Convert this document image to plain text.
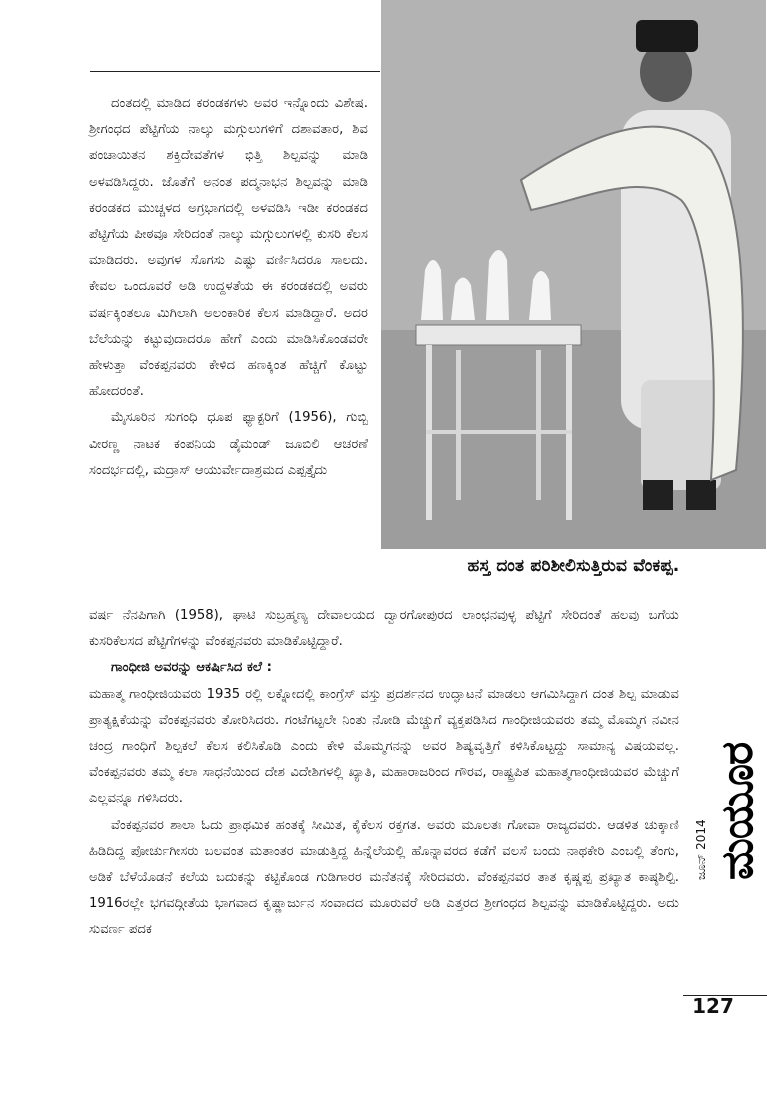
ಹಸ್ತ ದಂತ ಪರಿಶೀಲಿಸುತ್ತಿರುವ ವೆಂಕಪ್ಪ.

ದಂತದಲ್ಲಿ ಮಾಡಿದ ಕರಂಡಕಗಳು ಅವರ ಇನ್ನೊಂದು ವಿಶೇಷ. ಶ್ರೀಗಂಧದ ಪೆಟ್ಟಿಗೆಯ ನಾಲ್ಕು ಮಗ್ಗುಲುಗಳಿಗೆ ದಶಾವತಾರ, ಶಿವ ಪಂಚಾಯಿತನ ಶಕ್ತಿದೇವತೆಗಳ ಭಿತ್ತಿ ಶಿಲ್ಪವನ್ನು ಮಾಡಿ ಅಳವಡಿಸಿದ್ದರು. ಜೊತೆಗೆ ಅನಂತ ಪದ್ಮನಾಭನ ಶಿಲ್ಪವನ್ನು ಮಾಡಿ ಕರಂಡಕದ ಮುಚ್ಚಳದ ಅಗ್ರಭಾಗದಲ್ಲಿ ಅಳವಡಿಸಿ ಇಡೀ ಕರಂಡಕದ ಪೆಟ್ಟಿಗೆಯ ಪೀಠವೂ ಸೇರಿದಂತೆ ನಾಲ್ಕು ಮಗ್ಗುಲುಗಳಲ್ಲಿ ಕುಸರಿ ಕೆಲಸ ಮಾಡಿದರು. ಅವುಗಳ ಸೊಗಸು ಎಷ್ಟು ವರ್ಣಿಸಿದರೂ ಸಾಲದು. ಕೇವಲ ಒಂದೂವರೆ ಅಡಿ ಉದ್ದಳತೆಯ ಈ ಕರಂಡಕದಲ್ಲಿ ಅವರು ವರ್ಷಕ್ಕಿಂತಲೂ ಮಿಗಿಲಾಗಿ ಅಲಂಕಾರಿಕ ಕೆಲಸ ಮಾಡಿದ್ದಾರೆ. ಅದರ ಬೆಲೆಯನ್ನು ಕಟ್ಟುವುದಾದರೂ ಹೇಗೆ ಎಂದು ಮಾಡಿಸಿಕೊಂಡವರೇ ಹೇಳುತ್ತಾ ವೆಂಕಪ್ಪನವರು ಕೇಳಿದ ಹಣಕ್ಕಿಂತ ಹೆಚ್ಚಿಗೆ ಕೊಟ್ಟು ಹೋದರಂತೆ.

ಮೈಸೂರಿನ ಸುಗಂಧಿ ಧೂಪ ಫ್ಯಾಕ್ಟರಿಗೆ (1956), ಗುಬ್ಬಿ ವೀರಣ್ಣ ನಾಟಕ ಕಂಪನಿಯ ಡೈಮಂಡ್ ಜೂಬಿಲಿ ಆಚರಣೆ ಸಂದರ್ಭದಲ್ಲಿ, ಮದ್ರಾಸ್ ಆಯುರ್ವೇದಾಶ್ರಮದ ಎಪ್ಪತ್ತೈದು

ವರ್ಷ ನೆನಪಿಗಾಗಿ (1958), ಘಾಟಿ ಸುಬ್ರಹ್ಮಣ್ಯ ದೇವಾಲಯದ ದ್ವಾರಗೋಪುರದ ಲಾಂಛನವುಳ್ಳ ಪೆಟ್ಟಿಗೆ ಸೇರಿದಂತೆ ಹಲವು ಬಗೆಯ ಕುಸರಿಕೆಲಸದ ಪೆಟ್ಟಿಗೆಗಳನ್ನು ವೆಂಕಪ್ಪನವರು ಮಾಡಿಕೊಟ್ಟಿದ್ದಾರೆ.

ಗಾಂಧೀಜಿ ಅವರನ್ನು ಆಕರ್ಷಿಸಿದ ಕಲೆ :

ಮಹಾತ್ಮ ಗಾಂಧೀಜಿಯವರು 1935 ರಲ್ಲಿ ಲಕ್ನೋದಲ್ಲಿ ಕಾಂಗ್ರೆಸ್ ವಸ್ತು ಪ್ರದರ್ಶನದ ಉದ್ಘಾಟನೆ ಮಾಡಲು ಆಗಮಿಸಿದ್ದಾಗ ದಂತ ಶಿಲ್ಪ ಮಾಡುವ ಪ್ರಾತ್ಯಕ್ಷಿಕೆಯನ್ನು ವೆಂಕಪ್ಪನವರು ತೋರಿಸಿದರು. ಗಂಟೆಗಟ್ಟಲೇ ನಿಂತು ನೋಡಿ ಮೆಚ್ಚುಗೆ ವ್ಯಕ್ತಪಡಿಸಿದ ಗಾಂಧೀಜಿಯವರು ತಮ್ಮ ಮೊಮ್ಮಗ ನವೀನ ಚಂದ್ರ ಗಾಂಧಿಗೆ ಶಿಲ್ಪಕಲೆ ಕೆಲಸ ಕಲಿಸಿಕೊಡಿ ಎಂದು ಕೇಳಿ ಮೊಮ್ಮಗನನ್ನು ಅವರ ಶಿಷ್ಯವೃತ್ತಿಗೆ ಕಳಿಸಿಕೊಟ್ಟದ್ದು ಸಾಮಾನ್ಯ ವಿಷಯವಲ್ಲ. ವೆಂಕಪ್ಪನವರು ತಮ್ಮ ಕಲಾ ಸಾಧನೆಯಿಂದ ದೇಶ ವಿದೇಶಿಗಳಲ್ಲಿ ಖ್ಯಾತಿ, ಮಹಾರಾಜರಿಂದ ಗೌರವ, ರಾಷ್ಟ್ರಪಿತ ಮಹಾತ್ಮಗಾಂಧೀಜಿಯವರ ಮೆಚ್ಚುಗೆ ಎಲ್ಲವನ್ನೂ ಗಳಿಸಿದರು.

ವೆಂಕಪ್ಪನವರ ಶಾಲಾ ಓದು ಪ್ರಾಥಮಿಕ ಹಂತಕ್ಕೆ ಸೀಮಿತ, ಕೈಕೆಲಸ ರಕ್ತಗತ. ಅವರು ಮೂಲತಃ ಗೋವಾ ರಾಜ್ಯದವರು. ಆಡಳಿತ ಚುಕ್ಕಾಣಿ ಹಿಡಿದಿದ್ದ ಪೋರ್ಚುಗೀಸರು ಬಲವಂತ ಮತಾಂತರ ಮಾಡುತ್ತಿದ್ದ ಹಿನ್ನೆಲೆಯಲ್ಲಿ ಹೊನ್ನಾವರದ ಕಡೆಗೆ ವಲಸೆ ಬಂದು ನಾಥಕೇರಿ ಎಂಬಲ್ಲಿ ತೆಂಗು, ಅಡಿಕೆ ಬೆಳೆಯೊಡನೆ ಕಲೆಯ ಬದುಕನ್ನು ಕಟ್ಟಿಕೊಂಡ ಗುಡಿಗಾರರ ಮನೆತನಕ್ಕೆ ಸೇರಿದವರು. ವೆಂಕಪ್ಪನವರ ತಾತ ಕೃಷ್ಣಪ್ಪ ಪ್ರಖ್ಯಾತ ಕಾಷ್ಠಶಿಲ್ಪಿ. 1916ರಲ್ಲೇ ಭಗವದ್ಗೀತೆಯ ಭಾಗವಾದ ಕೃಷ್ಣಾರ್ಜುನ ಸಂವಾದದ ಮೂರುವರೆ ಅಡಿ ಎತ್ತರದ ಶ್ರೀಗಂಧದ ಶಿಲ್ಪವನ್ನು ಮಾಡಿಕೊಟ್ಟಿದ್ದರು. ಅದು ಸುವರ್ಣ ಪದಕ

ಮಯೂರ
ಜೂನ್ 2014
127
